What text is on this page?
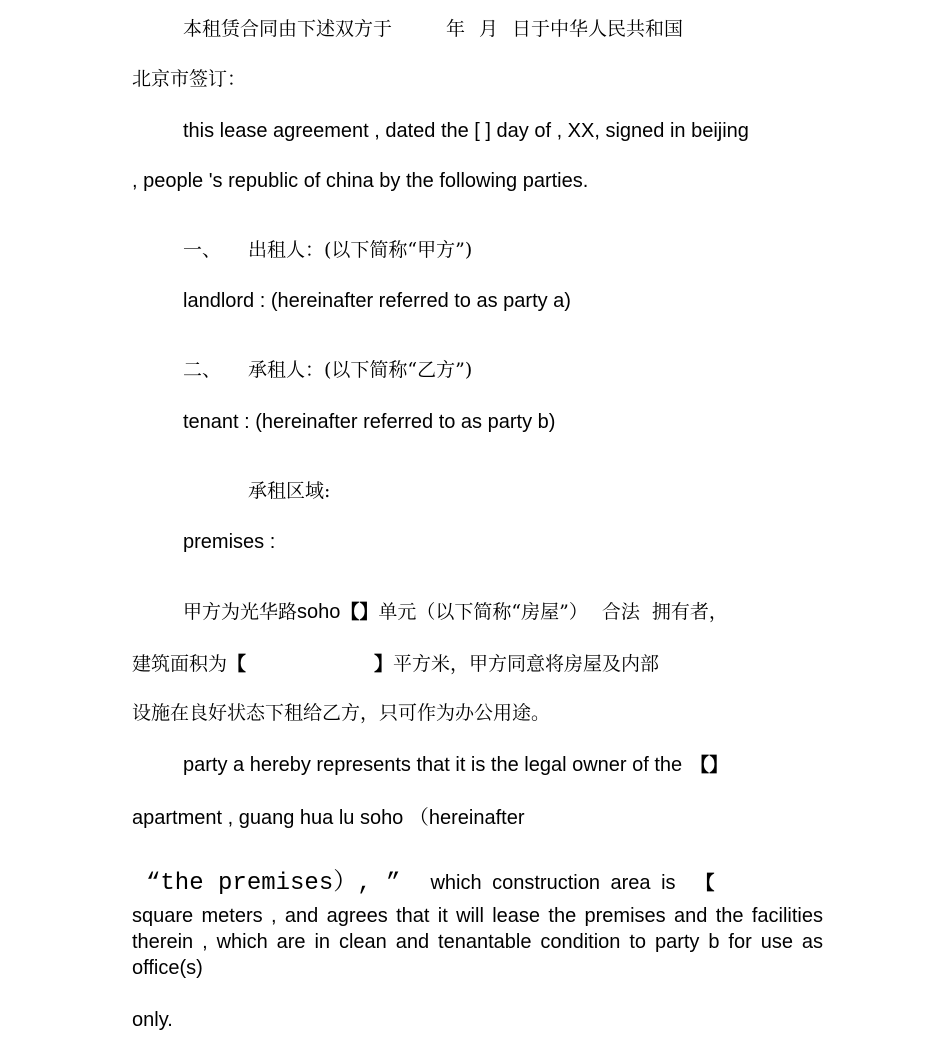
本租赁合同由下述双方于	年 月 日于中华人民共和国
北京市签订：
this lease agreement , dated the [ ] day of , XX, signed in beijing
, people 's republic of china by the following parties.
一、 出租人：(以下简称“甲方”)
landlord : (hereinafter referred to as party a)
二、 承租人：(以下简称“乙方”)
tenant : (hereinafter referred to as party b)
承租区域:
premises :
甲方为光华路soho【】单元（以下简称“房屋”） 合法 拥有者，
建筑面积为【	】平方米，甲方同意将房屋及内部
设施在良好状态下租给乙方，只可作为办公用途。
party a hereby represents that it is the legal owner of the 【】
apartment , guang hua lu soho （hereinafter
“the premises）, ” which construction area is 【
square meters , and agrees that it will lease the premises and the facilities therein , which are in clean and tenantable condition to party b for use as office(s)
only.
